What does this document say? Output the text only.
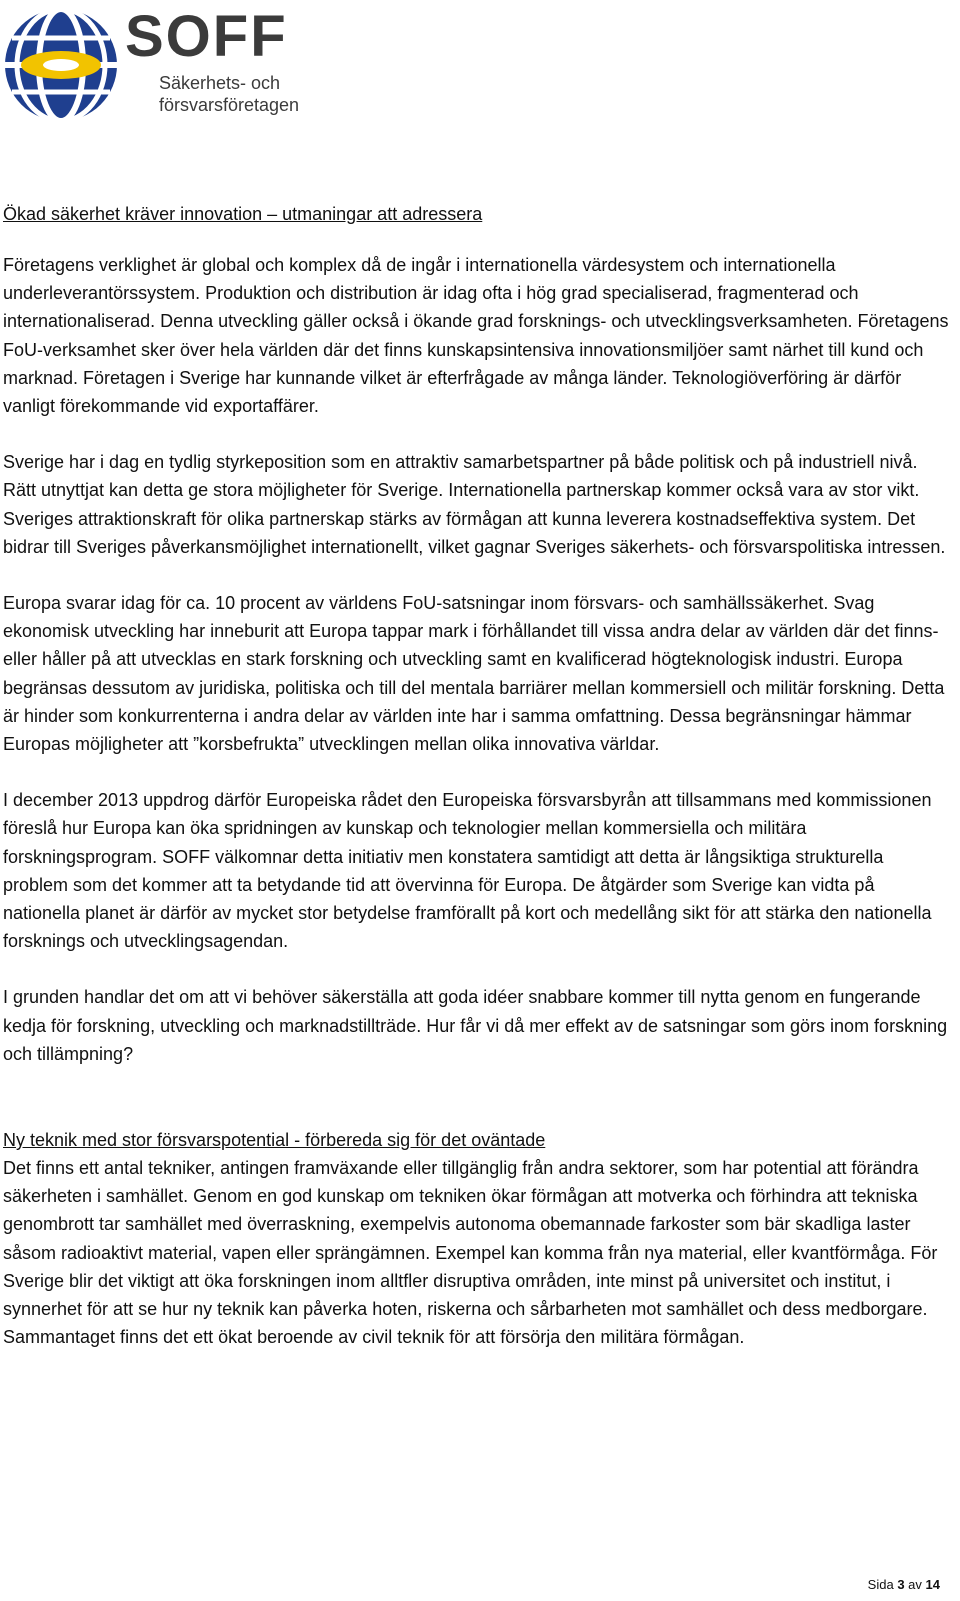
SOFF
Säkerhets- och
försvarsföretagen
Ökad säkerhet kräver innovation – utmaningar att adressera

Företagens verklighet är global och komplex då de ingår i internationella värdesystem och internationella underleverantörssystem. Produktion och distribution är idag ofta i hög grad specialiserad, fragmenterad och internationaliserad. Denna utveckling gäller också i ökande grad forsknings- och utvecklingsverksamheten. Företagens FoU-verksamhet sker över hela världen där det finns kunskapsintensiva innovationsmiljöer samt närhet till kund och marknad. Företagen i Sverige har kunnande vilket är efterfrågade av många länder. Teknologiöverföring är därför vanligt förekommande vid exportaffärer.

Sverige har i dag en tydlig styrkeposition som en attraktiv samarbetspartner på både politisk och på industriell nivå. Rätt utnyttjat kan detta ge stora möjligheter för Sverige. Internationella partnerskap kommer också vara av stor vikt. Sveriges attraktionskraft för olika partnerskap stärks av förmågan att kunna leverera kostnadseffektiva system. Det bidrar till Sveriges påverkansmöjlighet internationellt, vilket gagnar Sveriges säkerhets- och försvarspolitiska intressen.

Europa svarar idag för ca. 10 procent av världens FoU-satsningar inom försvars- och samhällssäkerhet. Svag ekonomisk utveckling har inneburit att Europa tappar mark i förhållandet till vissa andra delar av världen där det finns- eller håller på att utvecklas en stark forskning och utveckling samt en kvalificerad högteknologisk industri. Europa begränsas dessutom av juridiska, politiska och till del mentala barriärer mellan kommersiell och militär forskning. Detta är hinder som konkurrenterna i andra delar av världen inte har i samma omfattning. Dessa begränsningar hämmar Europas möjligheter att ”korsbefrukta” utvecklingen mellan olika innovativa världar.

I december 2013 uppdrog därför Europeiska rådet den Europeiska försvarsbyrån att tillsammans med kommissionen föreslå hur Europa kan öka spridningen av kunskap och teknologier mellan kommersiella och militära forskningsprogram. SOFF välkomnar detta initiativ men konstatera samtidigt att detta är långsiktiga strukturella problem som det kommer att ta betydande tid att övervinna för Europa. De åtgärder som Sverige kan vidta på nationella planet är därför av mycket stor betydelse framförallt på kort och medellång sikt för att stärka den nationella forsknings och utvecklingsagendan.

I grunden handlar det om att vi behöver säkerställa att goda idéer snabbare kommer till nytta genom en fungerande kedja för forskning, utveckling och marknadstillträde. Hur får vi då mer effekt av de satsningar som görs inom forskning och tillämpning?

Ny teknik med stor försvarspotential - förbereda sig för det oväntade

Det finns ett antal tekniker, antingen framväxande eller tillgänglig från andra sektorer, som har potential att förändra säkerheten i samhället. Genom en god kunskap om tekniken ökar förmågan att motverka och förhindra att tekniska genombrott tar samhället med överraskning, exempelvis autonoma obemannade farkoster som bär skadliga laster såsom radioaktivt material, vapen eller sprängämnen. Exempel kan komma från nya material, eller kvantförmåga. För Sverige blir det viktigt att öka forskningen inom alltfler disruptiva områden, inte minst på universitet och institut, i synnerhet för att se hur ny teknik kan påverka hoten, riskerna och sårbarheten mot samhället och dess medborgare. Sammantaget finns det ett ökat beroende av civil teknik för att försörja den militära förmågan.

Sida 3 av 14
